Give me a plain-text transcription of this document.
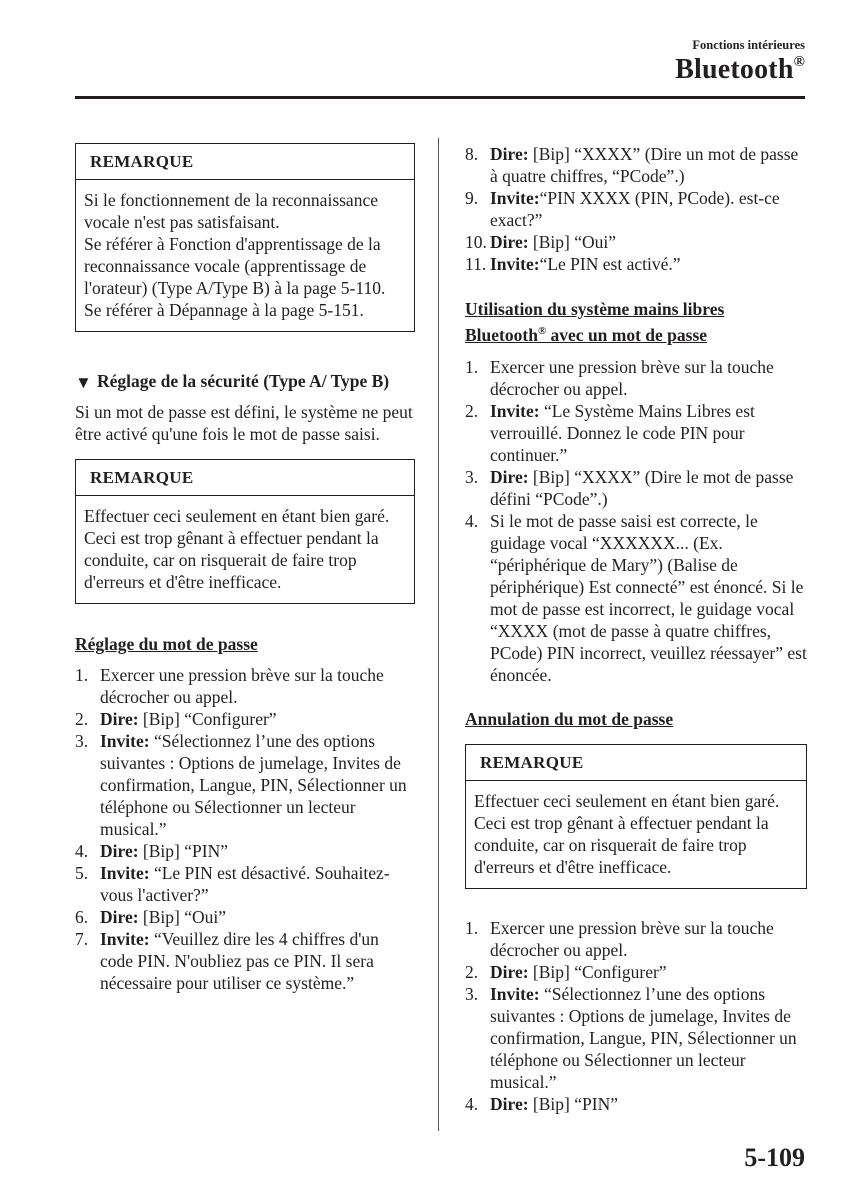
Fonctions intérieures
Bluetooth®
REMARQUE
Si le fonctionnement de la reconnaissance vocale n'est pas satisfaisant.
Se référer à Fonction d'apprentissage de la reconnaissance vocale (apprentissage de l'orateur) (Type A/Type B) à la page 5-110.
Se référer à Dépannage à la page 5-151.
▼ Réglage de la sécurité (Type A/ Type B)
Si un mot de passe est défini, le système ne peut être activé qu'une fois le mot de passe saisi.
REMARQUE
Effectuer ceci seulement en étant bien garé. Ceci est trop gênant à effectuer pendant la conduite, car on risquerait de faire trop d'erreurs et d'être inefficace.
Réglage du mot de passe
1. Exercer une pression brève sur la touche décrocher ou appel.
2. Dire: [Bip] “Configurer”
3. Invite: “Sélectionnez l’une des options suivantes : Options de jumelage, Invites de confirmation, Langue, PIN, Sélectionner un téléphone ou Sélectionner un lecteur musical.”
4. Dire: [Bip] “PIN”
5. Invite: “Le PIN est désactivé. Souhaitez-vous l'activer?”
6. Dire: [Bip] “Oui”
7. Invite: “Veuillez dire les 4 chiffres d'un code PIN. N'oubliez pas ce PIN. Il sera nécessaire pour utiliser ce système.”
8. Dire: [Bip] “XXXX” (Dire un mot de passe à quatre chiffres, “PCode”.)
9. Invite:“PIN XXXX (PIN, PCode). est-ce exact?”
10. Dire: [Bip] “Oui”
11. Invite:“Le PIN est activé.”
Utilisation du système mains libres Bluetooth® avec un mot de passe
1. Exercer une pression brève sur la touche décrocher ou appel.
2. Invite: “Le Système Mains Libres est verrouillé. Donnez le code PIN pour continuer.”
3. Dire: [Bip] “XXXX” (Dire le mot de passe défini “PCode”.)
4. Si le mot de passe saisi est correcte, le guidage vocal “XXXXXX... (Ex. “périphérique de Mary”) (Balise de périphérique) Est connecté” est énoncé. Si le mot de passe est incorrect, le guidage vocal “XXXX (mot de passe à quatre chiffres, PCode) PIN incorrect, veuillez réessayer” est énoncée.
Annulation du mot de passe
REMARQUE
Effectuer ceci seulement en étant bien garé. Ceci est trop gênant à effectuer pendant la conduite, car on risquerait de faire trop d'erreurs et d'être inefficace.
1. Exercer une pression brève sur la touche décrocher ou appel.
2. Dire: [Bip] “Configurer”
3. Invite: “Sélectionnez l’une des options suivantes : Options de jumelage, Invites de confirmation, Langue, PIN, Sélectionner un téléphone ou Sélectionner un lecteur musical.”
4. Dire: [Bip] “PIN”
5-109
